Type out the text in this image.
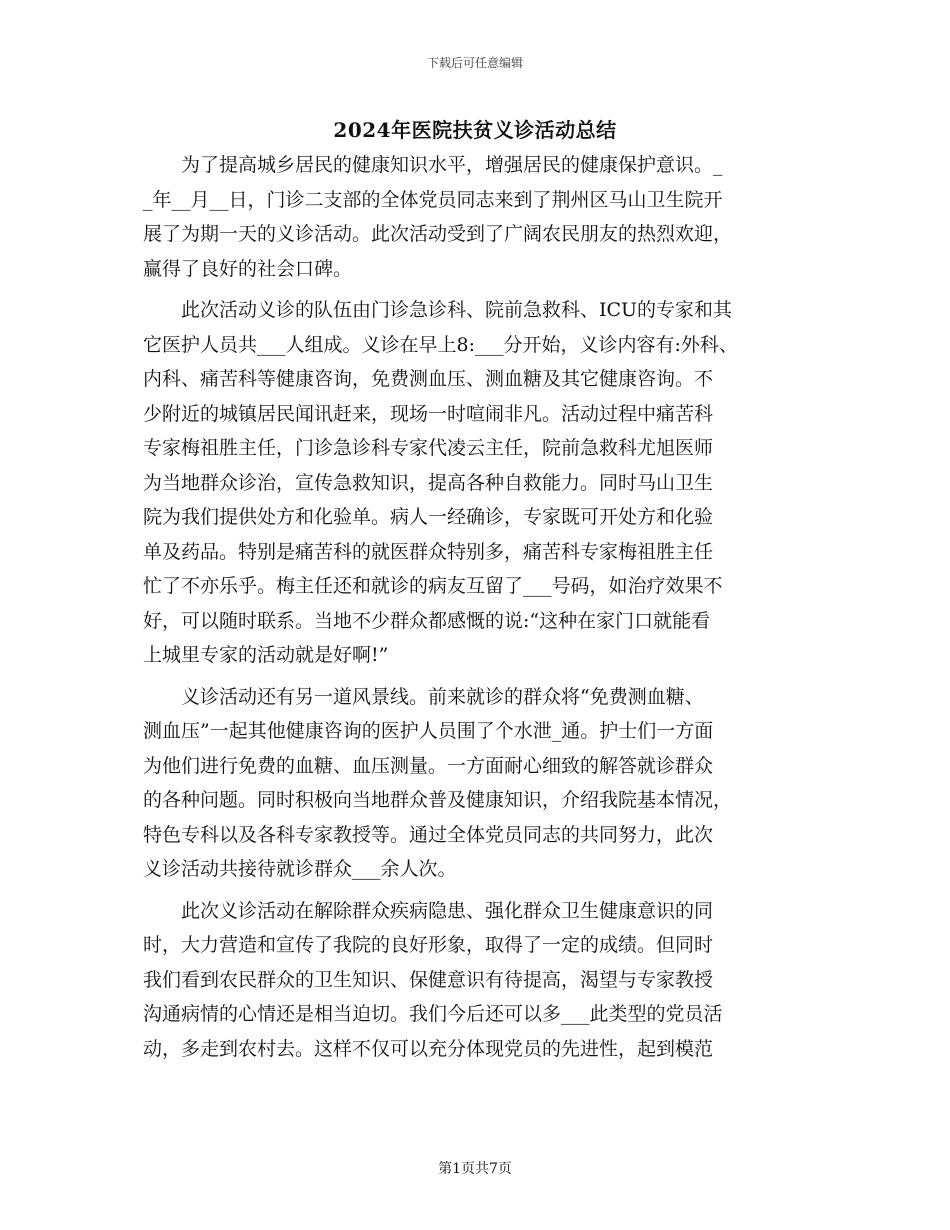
下载后可任意编辑
2024年医院扶贫义诊活动总结
　　为了提高城乡居民的健康知识水平，增强居民的健康保护意识。_
_年__月__日，门诊二支部的全体党员同志来到了荆州区马山卫生院开
展了为期一天的义诊活动。此次活动受到了广阔农民朋友的热烈欢迎，
赢得了良好的社会口碑。
　　此次活动义诊的队伍由门诊急诊科、院前急救科、ICU的专家和其
它医护人员共___人组成。义诊在早上8:___分开始，义诊内容有:外科、
内科、痛苦科等健康咨询，免费测血压、测血糖及其它健康咨询。不
少附近的城镇居民闻讯赶来，现场一时喧闹非凡。活动过程中痛苦科
专家梅祖胜主任，门诊急诊科专家代凌云主任，院前急救科尤旭医师
为当地群众诊治，宣传急救知识，提高各种自救能力。同时马山卫生
院为我们提供处方和化验单。病人一经确诊，专家既可开处方和化验
单及药品。特别是痛苦科的就医群众特别多，痛苦科专家梅祖胜主任
忙了不亦乐乎。梅主任还和就诊的病友互留了___号码，如治疗效果不
好，可以随时联系。当地不少群众都感慨的说:“这种在家门口就能看
上城里专家的活动就是好啊!”
　　义诊活动还有另一道风景线。前来就诊的群众将“免费测血糖、
测血压”一起其他健康咨询的医护人员围了个水泄_通。护士们一方面
为他们进行免费的血糖、血压测量。一方面耐心细致的解答就诊群众
的各种问题。同时积极向当地群众普及健康知识，介绍我院基本情况，
特色专科以及各科专家教授等。通过全体党员同志的共同努力，此次
义诊活动共接待就诊群众___余人次。
　　此次义诊活动在解除群众疾病隐患、强化群众卫生健康意识的同
时，大力营造和宣传了我院的良好形象，取得了一定的成绩。但同时
我们看到农民群众的卫生知识、保健意识有待提高，渴望与专家教授
沟通病情的心情还是相当迫切。我们今后还可以多___此类型的党员活
动，多走到农村去。这样不仅可以充分体现党员的先进性，起到模范
第1页共7页
